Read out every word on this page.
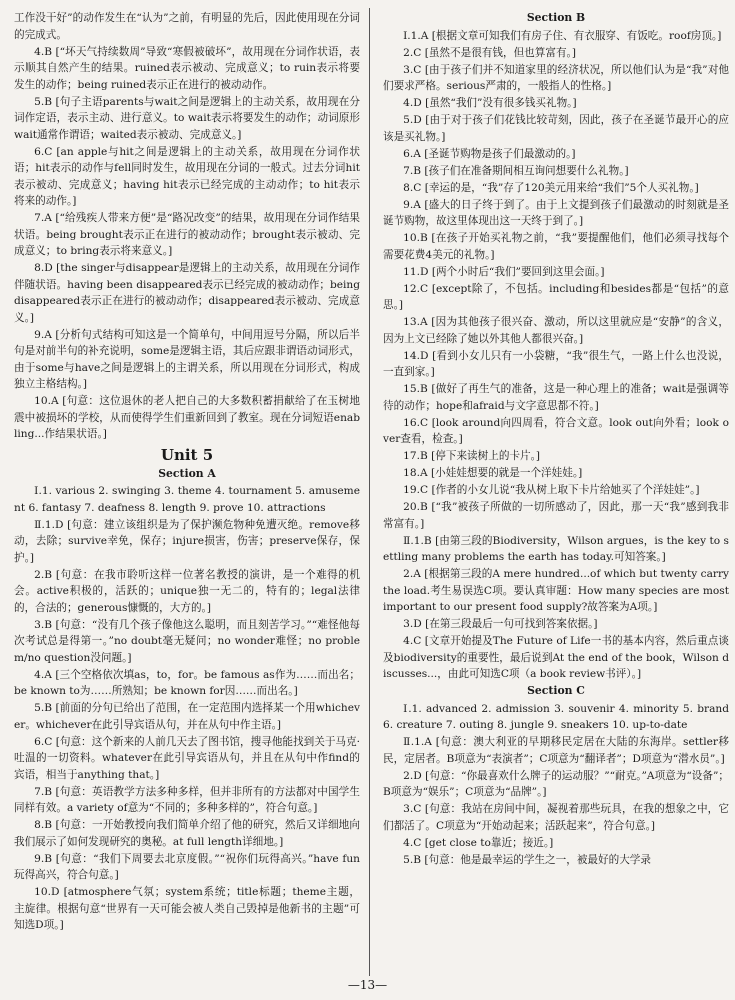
工作没干好”的动作发生在“认为”之前，有明显的先后，因此使用现在分词的完成式。
4.B [“坏天气持续数周”导致“寒假被破坏”，故用现在分词作状语，表示顺其自然产生的结果。ruined表示被动、完成意义；to ruin表示将要发生的动作；being ruined表示正在进行的被动动作。
5.B [句子主语parents与wait之间是逻辑上的主动关系，故用现在分词作定语，表示主动、进行意义。to wait表示将要发生的动作；动词原形wait通常作谓语；waited表示被动、完成意义。]
6.C [an apple与hit之间是逻辑上的主动关系，故用现在分词作状语；hit表示的动作与fell同时发生，故用现在分词的一般式。过去分词hit表示被动、完成意义；having hit表示已经完成的主动动作；to hit表示将来的动作。]
7.A [“给残疾人带来方便”是“路况改变”的结果，故用现在分词作结果状语。being brought表示正在进行的被动动作；brought表示被动、完成意义；to bring表示将来意义。]
8.D [the singer与disappear是逻辑上的主动关系，故用现在分词作伴随状语。having been disappeared表示已经完成的被动动作；being disappeared表示正在进行的被动动作；disappeared表示被动、完成意义。]
9.A [分析句式结构可知这是一个简单句，中间用逗号分隔，所以后半句是对前半句的补充说明，some是逻辑主语，其后应跟非谓语动词形式，由于some与have之间是逻辑上的主谓关系，所以用现在分词形式，构成独立主格结构。]
10.A [句意：这位退休的老人把自己的大多数积蓄捐献给了在玉树地震中被损坏的学校，从而使得学生们重新回到了教室。现在分词短语enabling...作结果状语。]
Unit 5
Section A
Ⅰ.1. various 2. swinging 3. theme 4. tournament 5. amusement 6. fantasy 7. deafness 8. length 9. prove 10. attractions
Ⅱ.1.D [句意：建立该组织是为了保护濒危物种免遭灭绝。remove移动，去除；survive幸免，保存；injure损害，伤害；preserve保存，保护。]
2.B [句意：在我市聆听这样一位著名教授的演讲，是一个难得的机会。active积极的，活跃的；unique独一无二的，特有的；legal法律的，合法的；generous慷慨的，大方的。]
3.B [句意：“没有几个孩子像他这么聪明，而且刻苦学习。”“难怪他每次考试总是得第一。”no doubt毫无疑问；no wonder难怪；no problem/no question没问题。]
4.A [三个空格依次填as，to，for。be famous as作为……而出名；be known to为……所熟知；be known for因……而出名。]
5.B [前面的分句已给出了范围，在一定范围内选择某一个用whichever。whichever在此引导宾语从句，并在从句中作主语。]
6.C [句意：这个新来的人前几天去了图书馆，搜寻他能找到关于马克·吐温的一切资料。whatever在此引导宾语从句，并且在从句中作find的宾语，相当于anything that。]
7.B [句意：英语教学方法多种多样，但并非所有的方法都对中国学生同样有效。a variety of意为“不同的；多种多样的”，符合句意。]
8.B [句意：一开始教授向我们简单介绍了他的研究，然后又详细地向我们展示了如何发现研究的奥秘。at full length详细地。]
9.B [句意：“我们下周要去北京度假。”“祝你们玩得高兴。”have fun玩得高兴，符合句意。]
10.D [atmosphere气氛；system系统；title标题；theme主题，主旋律。根据句意“世界有一天可能会被人类自己毁掉是他新书的主题”可知选D项。]
Section B
Ⅰ.1.A [根据文章可知我们有房子住、有衣服穿、有饭吃。roof房顶。]
2.C [虽然不是很有钱，但也算富有。]
3.C [由于孩子们并不知道家里的经济状况，所以他们认为是“我”对他们要求严格。serious严肃的，一般指人的性格。]
4.D [虽然“我们”没有很多钱买礼物。]
5.D [由于对于孩子们花钱比较苛刻，因此，孩子在圣诞节最开心的应该是买礼物。]
6.A [圣诞节购物是孩子们最激动的。]
7.B [孩子们在准备期间相互询问想要什么礼物。]
8.C [幸运的是，“我”存了120美元用来给“我们”5个人买礼物。]
9.A [盛大的日子终于到了。由于上文提到孩子们最激动的时刻就是圣诞节购物，故这里体现出这一天终于到了。]
10.B [在孩子开始买礼物之前，“我”要提醒他们，他们必须寻找每个需要花费4美元的礼物。]
11.D [两个小时后“我们”要回到这里会面。]
12.C [except除了，不包括。including和besides都是“包括”的意思。]
13.A [因为其他孩子很兴奋、激动，所以这里就应是“安静”的含义，因为上文已经除了她以外其他人都很兴奋。]
14.D [看到小女儿只有一小袋糖，“我”很生气，一路上什么也没说，一直到家。]
15.B [做好了再生气的准备，这是一种心理上的准备；wait是强调等待的动作；hope和afraid与文字意思都不符。]
16.C [look around向四周看，符合文意。look out向外看；look over查看，检查。]
17.B [停下来读树上的卡片。]
18.A [小娃娃想要的就是一个洋娃娃。]
19.C [作者的小女儿说“我从树上取下卡片给她买了个洋娃娃”。]
20.B [“我”被孩子所做的一切所感动了，因此，那一天“我”感到我非常富有。]
Ⅱ.1.B [由第三段的Biodiversity，Wilson argues，is the key to settling many problems the earth has today.可知答案。]
2.A [根据第三段的A mere hundred...of which but twenty carry the load.考生易误选C项。要认真审题：How many species are most important to our present food supply?故答案为A项。]
3.D [在第三段最后一句可找到答案依据。]
4.C [文章开始提及The Future of Life一书的基本内容，然后重点谈及biodiversity的重要性，最后说到At the end of the book，Wilson discusses...，由此可知选C项（a book review书评）。]
Section C
Ⅰ.1. advanced 2. admission 3. souvenir 4. minority 5. brand 6. creature 7. outing 8. jungle 9. sneakers 10. up-to-date
Ⅱ.1.A [句意：澳大利亚的早期移民定居在大陆的东海岸。settler移民，定居者。B项意为“表演者”；C项意为“翻译者”；D项意为“潜水员”。]
2.D [句意：“你最喜欢什么牌子的运动服？”“耐克。”A项意为“设备”；B项意为“娱乐”；C项意为“品牌”。]
3.C [句意：我站在房间中间，凝视着那些玩具，在我的想象之中，它们都活了。C项意为“开始动起来；活跃起来”，符合句意。]
4.C [get close to靠近；接近。]
5.B [句意：他是最幸运的学生之一，被最好的大学录
—13—
